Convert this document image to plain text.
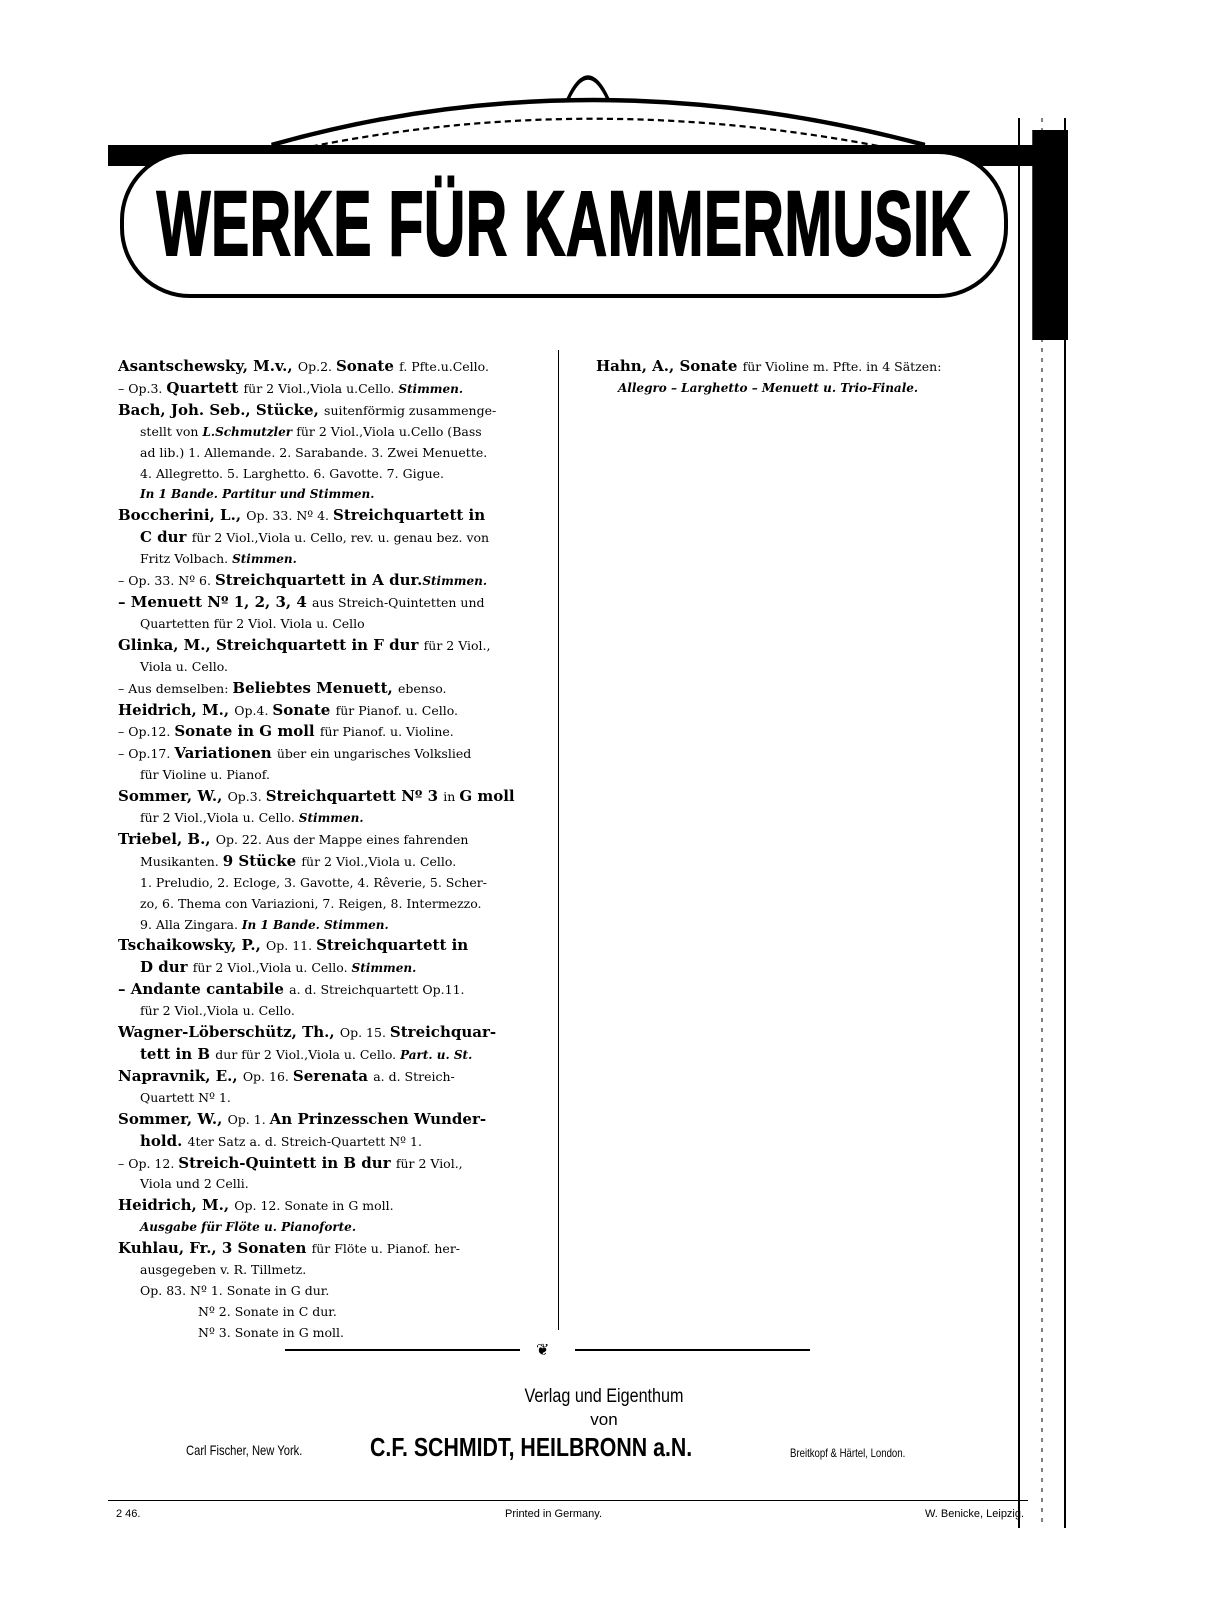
WERKE FÜR KAMMERMUSIK
Asantschewsky, M.v., Op.2. Sonate f. Pfte.u.Cello.
– Op.3. Quartett für 2 Viol.,Viola u.Cello. Stimmen.
Bach, Joh. Seb., Stücke, suitenförmig zusammenge-
stellt von L.Schmutzler für 2 Viol.,Viola u.Cello (Bass
ad lib.) 1. Allemande. 2. Sarabande. 3. Zwei Menuette.
4. Allegretto. 5. Larghetto. 6. Gavotte. 7. Gigue.
In 1 Bande. Partitur und Stimmen.
Boccherini, L., Op. 33. Nº 4. Streichquartett in
C dur für 2 Viol.,Viola u. Cello, rev. u. genau bez. von
Fritz Volbach. Stimmen.
– Op. 33. Nº 6. Streichquartett in A dur.Stimmen.
– Menuett Nº 1, 2, 3, 4 aus Streich-Quintetten und
Quartetten für 2 Viol. Viola u. Cello
Glinka, M., Streichquartett in F dur für 2 Viol.,
Viola u. Cello.
– Aus demselben: Beliebtes Menuett, ebenso.
Heidrich, M., Op.4. Sonate für Pianof. u. Cello.
– Op.12. Sonate in G moll für Pianof. u. Violine.
– Op.17. Variationen über ein ungarisches Volkslied
für Violine u. Pianof.
Sommer, W., Op.3. Streichquartett Nº 3 in G moll
für 2 Viol.,Viola u. Cello. Stimmen.
Triebel, B., Op. 22. Aus der Mappe eines fahrenden
Musikanten. 9 Stücke für 2 Viol.,Viola u. Cello.
1. Preludio, 2. Ecloge, 3. Gavotte, 4. Rêverie, 5. Scher-
zo, 6. Thema con Variazioni, 7. Reigen, 8. Intermezzo.
9. Alla Zingara. In 1 Bande. Stimmen.
Tschaikowsky, P., Op. 11. Streichquartett in
D dur für 2 Viol.,Viola u. Cello. Stimmen.
– Andante cantabile a. d. Streichquartett Op.11.
für 2 Viol.,Viola u. Cello.
Wagner-Löberschütz, Th., Op. 15. Streichquar-
tett in B dur für 2 Viol.,Viola u. Cello. Part. u. St.
Napravnik, E., Op. 16. Serenata a. d. Streich-
Quartett Nº 1.
Sommer, W., Op. 1. An Prinzesschen Wunder-
hold. 4ter Satz a. d. Streich-Quartett Nº 1.
– Op. 12. Streich-Quintett in B dur für 2 Viol.,
Viola und 2 Celli.
Heidrich, M., Op. 12. Sonate in G moll.
Ausgabe für Flöte u. Pianoforte.
Kuhlau, Fr., 3 Sonaten für Flöte u. Pianof. her-
ausgegeben v. R. Tillmetz.
Op. 83. Nº 1. Sonate in G dur.
Nº 2. Sonate in C dur.
Nº 3. Sonate in G moll.
Hahn, A., Sonate für Violine m. Pfte. in 4 Sätzen:
Allegro – Larghetto – Menuett u. Trio-Finale.
❦
Verlag und Eigenthum
von
Carl Fischer, New York.	C.F. SCHMIDT, HEILBRONN a.N.	Breitkopf & Härtel, London.
2 46.	Printed in Germany.	W. Benicke, Leipzig.
